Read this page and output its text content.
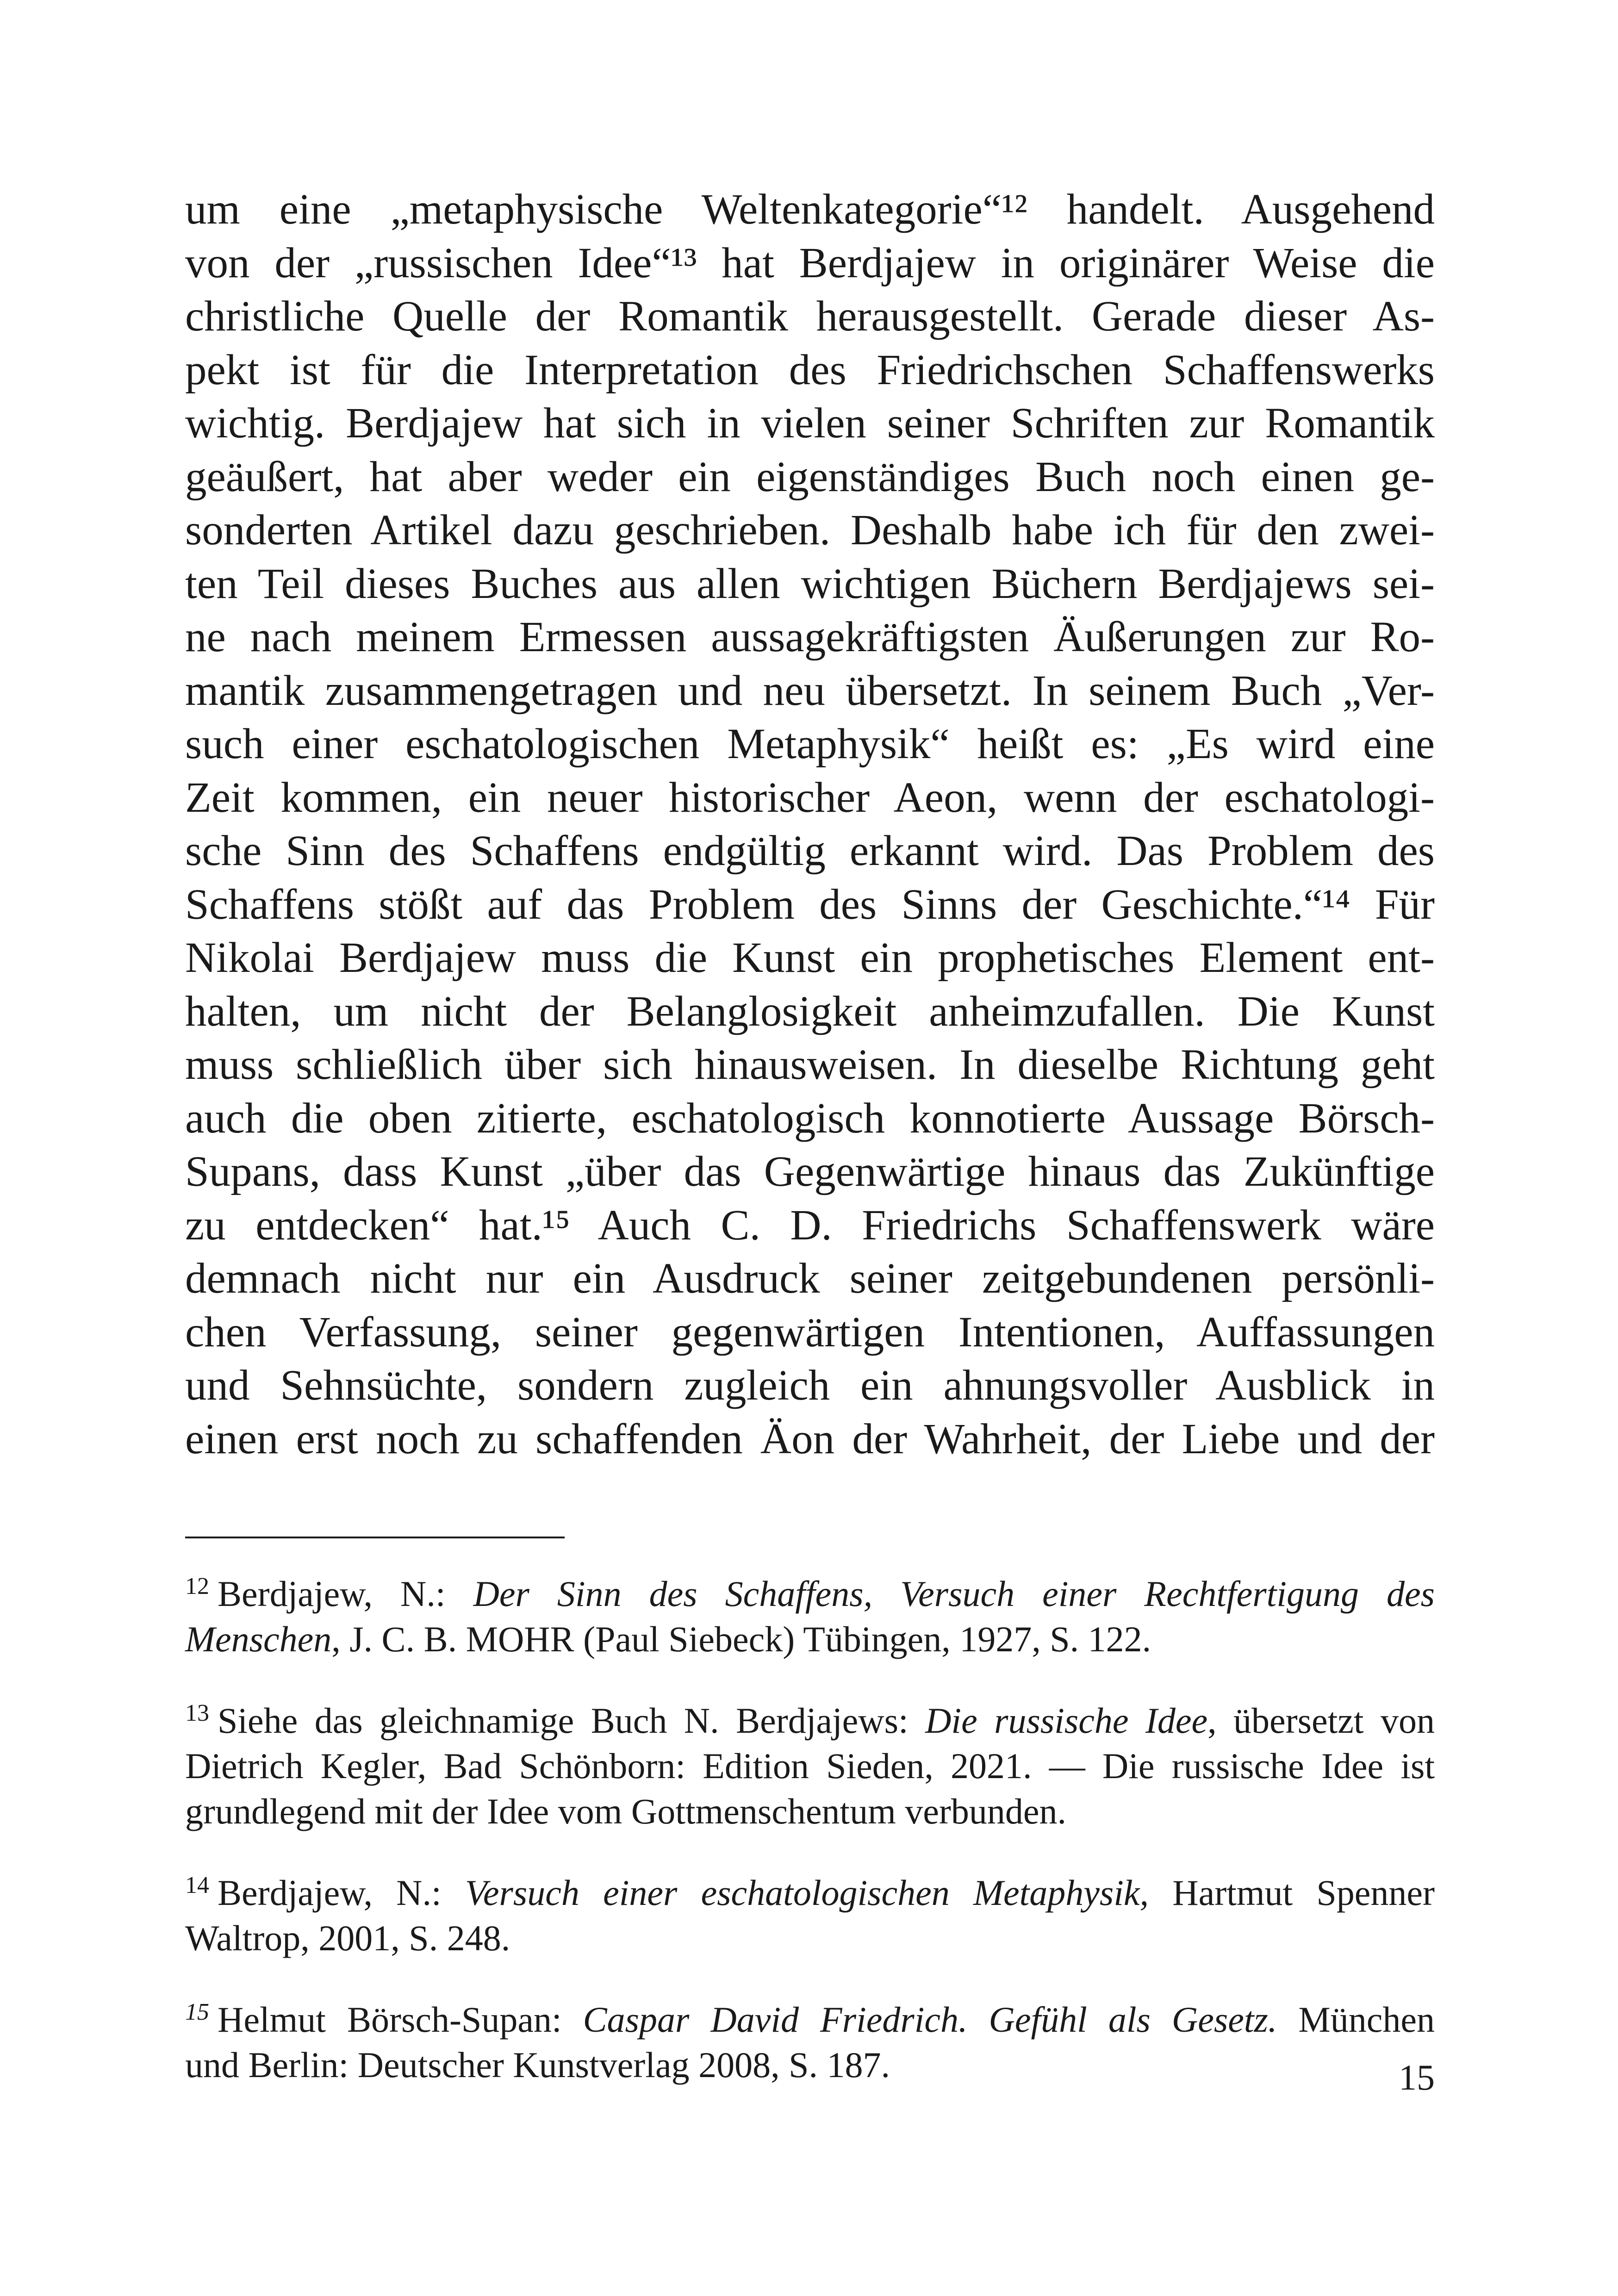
um eine „metaphysische Weltenkategorie“¹² handelt. Ausgehend
von der „russischen Idee“¹³ hat Berdjajew in originärer Weise die
christliche Quelle der Romantik herausgestellt. Gerade dieser As-
pekt ist für die Interpretation des Friedrichschen Schaffenswerks
wichtig. Berdjajew hat sich in vielen seiner Schriften zur Romantik
geäußert, hat aber weder ein eigenständiges Buch noch einen ge-
sonderten Artikel dazu geschrieben. Deshalb habe ich für den zwei-
ten Teil dieses Buches aus allen wichtigen Büchern Berdjajews sei-
ne nach meinem Ermessen aussagekräftigsten Äußerungen zur Ro-
mantik zusammengetragen und neu übersetzt. In seinem Buch „Ver-
such einer eschatologischen Metaphysik“ heißt es: „Es wird eine
Zeit kommen, ein neuer historischer Aeon, wenn der eschatologi-
sche Sinn des Schaffens endgültig erkannt wird. Das Problem des
Schaffens stößt auf das Problem des Sinns der Geschichte.“¹⁴ Für
Nikolai Berdjajew muss die Kunst ein prophetisches Element ent-
halten, um nicht der Belanglosigkeit anheimzufallen. Die Kunst
muss schließlich über sich hinausweisen. In dieselbe Richtung geht
auch die oben zitierte, eschatologisch konnotierte Aussage Börsch-
Supans, dass Kunst „über das Gegenwärtige hinaus das Zukünftige
zu entdecken“ hat.¹⁵ Auch C. D. Friedrichs Schaffenswerk wäre
demnach nicht nur ein Ausdruck seiner zeitgebundenen persönli-
chen Verfassung, seiner gegenwärtigen Intentionen, Auffassungen
und Sehnsüchte, sondern zugleich ein ahnungsvoller Ausblick in
einen erst noch zu schaffenden Äon der Wahrheit, der Liebe und der
$^{12}$ Berdjajew, N.: Der Sinn des Schaffens, Versuch einer Rechtfertigung des
Menschen, J. C. B. MOHR (Paul Siebeck) Tübingen, 1927, S. 122.
$^{13}$ Siehe das gleichnamige Buch N. Berdjajews: Die russische Idee, übersetzt von
Dietrich Kegler, Bad Schönborn: Edition Sieden, 2021. — Die russische Idee ist
grundlegend mit der Idee vom Gottmenschentum verbunden.
$^{14}$ Berdjajew, N.: Versuch einer eschatologischen Metaphysik, Hartmut Spenner
Waltrop, 2001, S. 248.
$^{15}$ Helmut Börsch-Supan: Caspar David Friedrich. Gefühl als Gesetz. München
und Berlin: Deutscher Kunstverlag 2008, S. 187.	15
